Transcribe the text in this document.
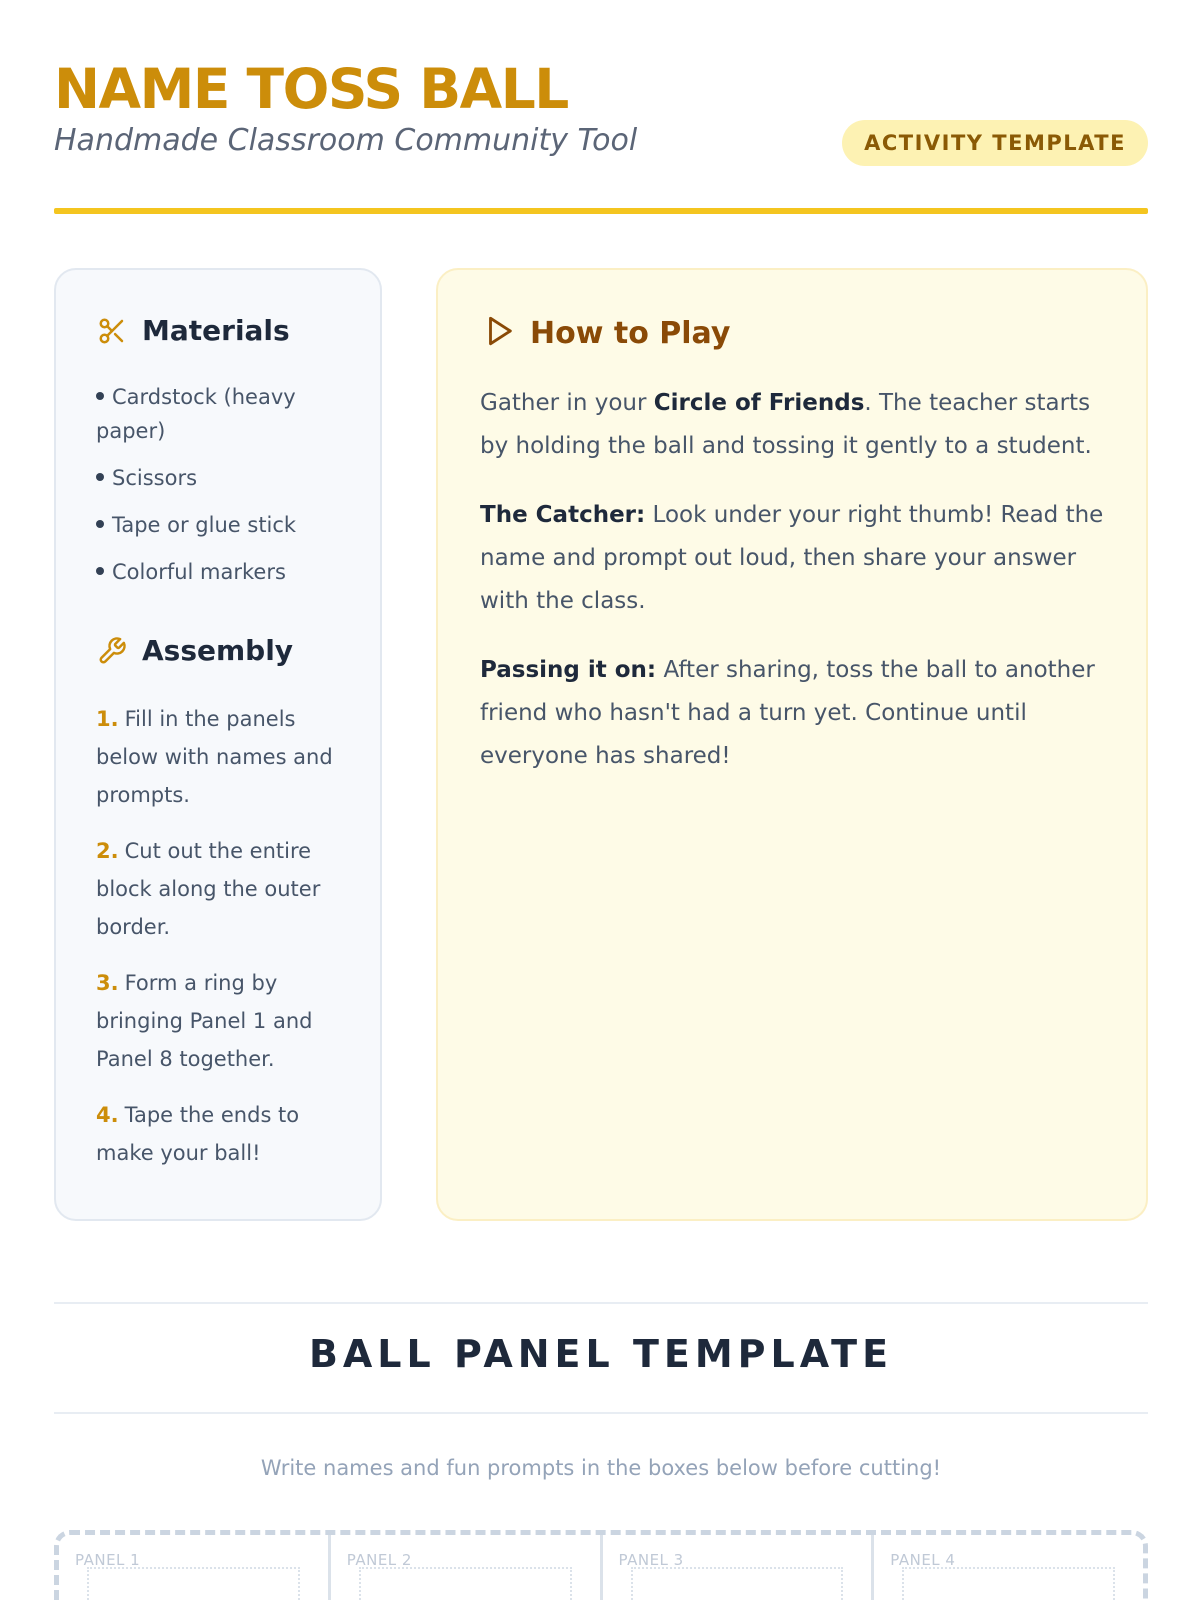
NAME TOSS BALL
Handmade Classroom Community Tool	ACTIVITY TEMPLATE
Materials
Cardstock (heavy paper)
Scissors
Tape or glue stick
Colorful markers
Assembly
1. Fill in the panels below with names and prompts.
2. Cut out the entire block along the outer border.
3. Form a ring by bringing Panel 1 and Panel 8 together.
4. Tape the ends to make your ball!
How to Play

Gather in your Circle of Friends. The teacher starts by holding the ball and tossing it gently to a student.

The Catcher: Look under your right thumb! Read the name and prompt out loud, then share your answer with the class.

Passing it on: After sharing, toss the ball to another friend who hasn't had a turn yet. Continue until everyone has shared!

BALL PANEL TEMPLATE
Write names and fun prompts in the boxes below before cutting!
PANEL 1	PANEL 2	PANEL 3	PANEL 4
